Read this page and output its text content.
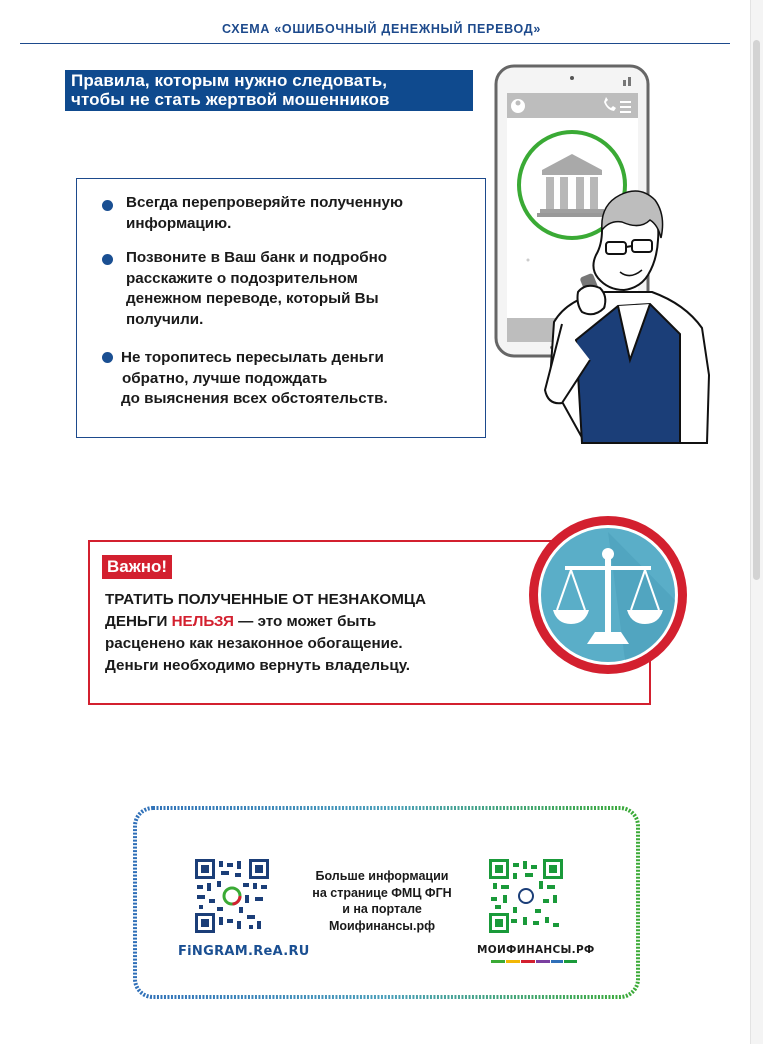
СХЕМА «ОШИБОЧНЫЙ ДЕНЕЖНЫЙ ПЕРЕВОД»
Правила, которым нужно следовать,
чтобы не стать жертвой мошенников
Всегда перепроверяйте полученную
информацию.
Позвоните в Ваш банк и подробно
расскажите о подозрительном
денежном переводе, который Вы
получили.
Не торопитесь пересылать деньги
обратно, лучше подождать
до выяснения всех обстоятельств.
Важно!
ТРАТИТЬ ПОЛУЧЕННЫЕ ОТ НЕЗНАКОМЦА
ДЕНЬГИ НЕЛЬЗЯ — это может быть
расценено как незаконное обогащение.
Деньги необходимо вернуть владельцу.
Больше информации
на странице ФМЦ ФГН
и на портале
Моифинансы.рф
FiNGRAM.ReA.RU	МОИФИНАНСЫ.РФ
